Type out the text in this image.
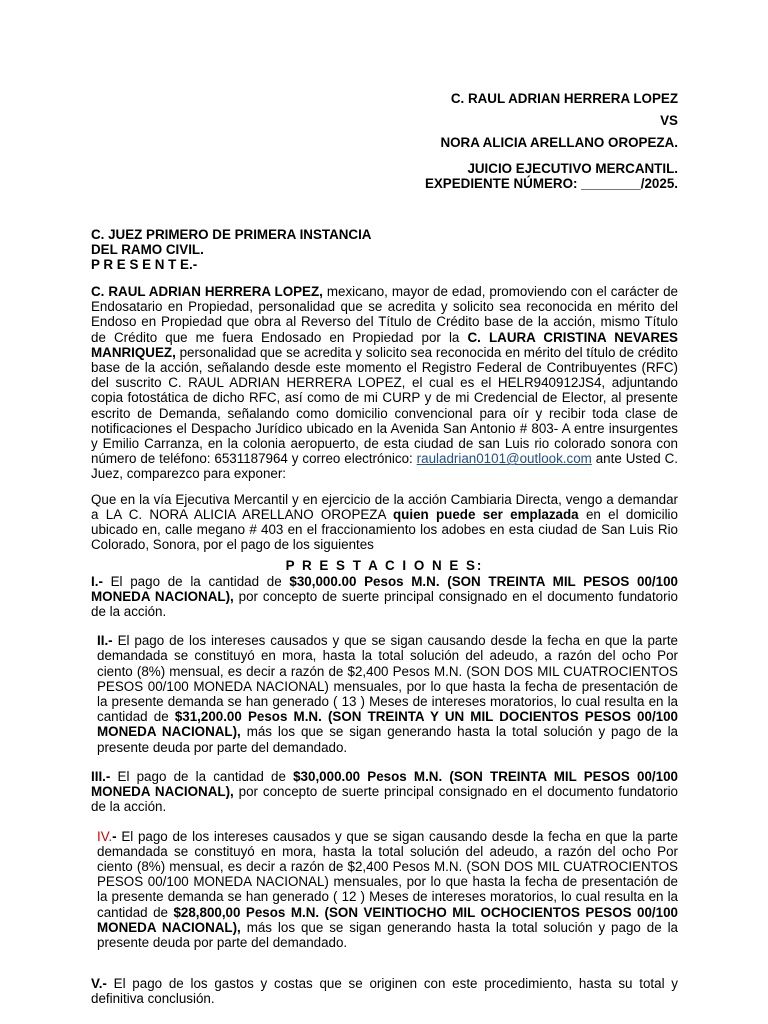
C. RAUL ADRIAN HERRERA LOPEZ
VS
NORA ALICIA ARELLANO OROPEZA.
JUICIO EJECUTIVO MERCANTIL.
EXPEDIENTE NÚMERO: ________/2025.
C. JUEZ PRIMERO DE PRIMERA INSTANCIA
DEL RAMO CIVIL.
P R E S E N T E.-

C. RAUL ADRIAN HERRERA LOPEZ, mexicano, mayor de edad, promoviendo con el carácter de Endosatario en Propiedad, personalidad que se acredita y solicito sea reconocida en mérito del Endoso en Propiedad que obra al Reverso del Título de Crédito base de la acción, mismo Título de Crédito que me fuera Endosado en Propiedad por la C. LAURA CRISTINA NEVARES MANRIQUEZ, personalidad que se acredita y solicito sea reconocida en mérito del título de crédito base de la acción, señalando desde este momento el Registro Federal de Contribuyentes (RFC) del suscrito C. RAUL ADRIAN HERRERA LOPEZ, el cual es el HELR940912JS4, adjuntando copia fotostática de dicho RFC, así como de mi CURP y de mi Credencial de Elector, al presente escrito de Demanda, señalando como domicilio convencional para oír y recibir toda clase de notificaciones el Despacho Jurídico ubicado en la Avenida San Antonio # 803- A entre insurgentes y Emilio Carranza, en la colonia aeropuerto, de esta ciudad de san Luis rio colorado sonora con número de teléfono: 6531187964 y correo electrónico: rauladrian0101@outlook.com ante Usted C. Juez, comparezco para exponer:

Que en la vía Ejecutiva Mercantil y en ejercicio de la acción Cambiaria Directa, vengo a demandar a LA C. NORA ALICIA ARELLANO OROPEZA quien puede ser emplazada en el domicilio ubicado en, calle megano # 403 en el fraccionamiento los adobes en esta ciudad de San Luis Rio Colorado, Sonora, por el pago de los siguientes

P R E S T A C I O N E S:

I.- El pago de la cantidad de $30,000.00 Pesos M.N. (SON TREINTA MIL PESOS 00/100 MONEDA NACIONAL), por concepto de suerte principal consignado en el documento fundatorio de la acción.

II.- El pago de los intereses causados y que se sigan causando desde la fecha en que la parte demandada se constituyó en mora, hasta la total solución del adeudo, a razón del ocho Por ciento (8%) mensual, es decir a razón de $2,400 Pesos M.N. (SON DOS MIL CUATROCIENTOS PESOS 00/100 MONEDA NACIONAL) mensuales, por lo que hasta la fecha de presentación de la presente demanda se han generado ( 13 ) Meses de intereses moratorios, lo cual resulta en la cantidad de $31,200.00 Pesos M.N. (SON TREINTA Y UN MIL DOCIENTOS PESOS 00/100 MONEDA NACIONAL), más los que se sigan generando hasta la total solución y pago de la presente deuda por parte del demandado.

III.- El pago de la cantidad de $30,000.00 Pesos M.N. (SON TREINTA MIL PESOS 00/100 MONEDA NACIONAL), por concepto de suerte principal consignado en el documento fundatorio de la acción.

IV.- El pago de los intereses causados y que se sigan causando desde la fecha en que la parte demandada se constituyó en mora, hasta la total solución del adeudo, a razón del ocho Por ciento (8%) mensual, es decir a razón de $2,400 Pesos M.N. (SON DOS MIL CUATROCIENTOS PESOS 00/100 MONEDA NACIONAL) mensuales, por lo que hasta la fecha de presentación de la presente demanda se han generado ( 12 ) Meses de intereses moratorios, lo cual resulta en la cantidad de $28,800,00 Pesos M.N. (SON VEINTIOCHO MIL OCHOCIENTOS PESOS 00/100 MONEDA NACIONAL), más los que se sigan generando hasta la total solución y pago de la presente deuda por parte del demandado.

V.- El pago de los gastos y costas que se originen con este procedimiento, hasta su total y definitiva conclusión.
